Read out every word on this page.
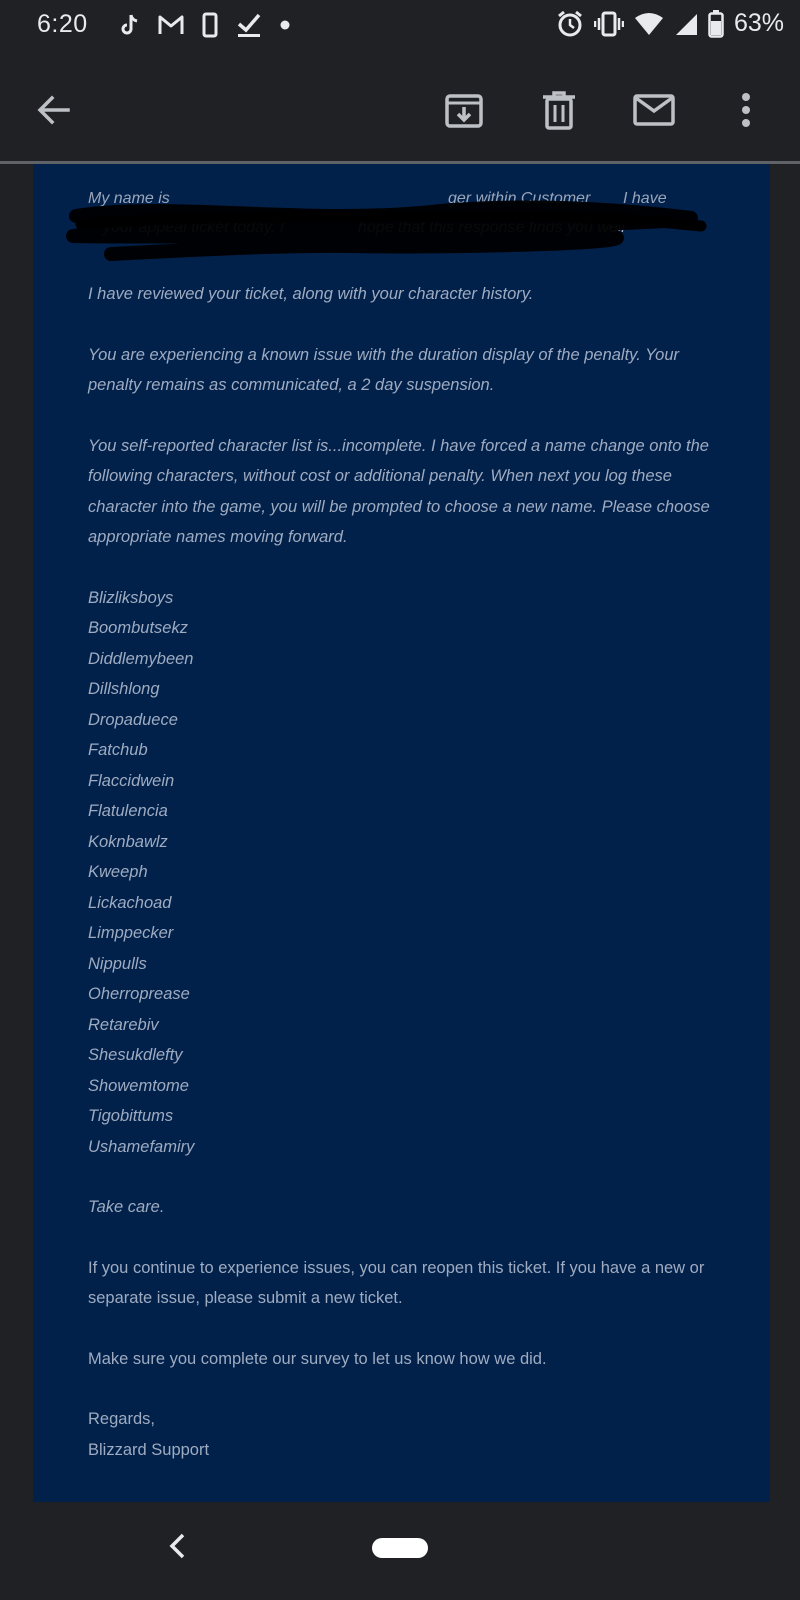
6:20	63%
My name is	ger within Customer I have
your appeal ticket today. I	hope that this response finds you well

I have reviewed your ticket, along with your character history.

You are experiencing a known issue with the duration display of the penalty. Your penalty remains as communicated, a 2 day suspension.

You self-reported character list is...incomplete. I have forced a name change onto the following characters, without cost or additional penalty. When next you log these character into the game, you will be prompted to choose a new name. Please choose appropriate names moving forward.

Blizliksboys
Boombutsekz
Diddlemybeen
Dillshlong
Dropaduece
Fatchub
Flaccidwein
Flatulencia
Koknbawlz
Kweeph
Lickachoad
Limppecker
Nippulls
Oherroprease
Retarebiv
Shesukdlefty
Showemtome
Tigobittums
Ushamefamiry

Take care.

If you continue to experience issues, you can reopen this ticket. If you have a new or separate issue, please submit a new ticket.

Make sure you complete our survey to let us know how we did.

Regards,

Blizzard Support
